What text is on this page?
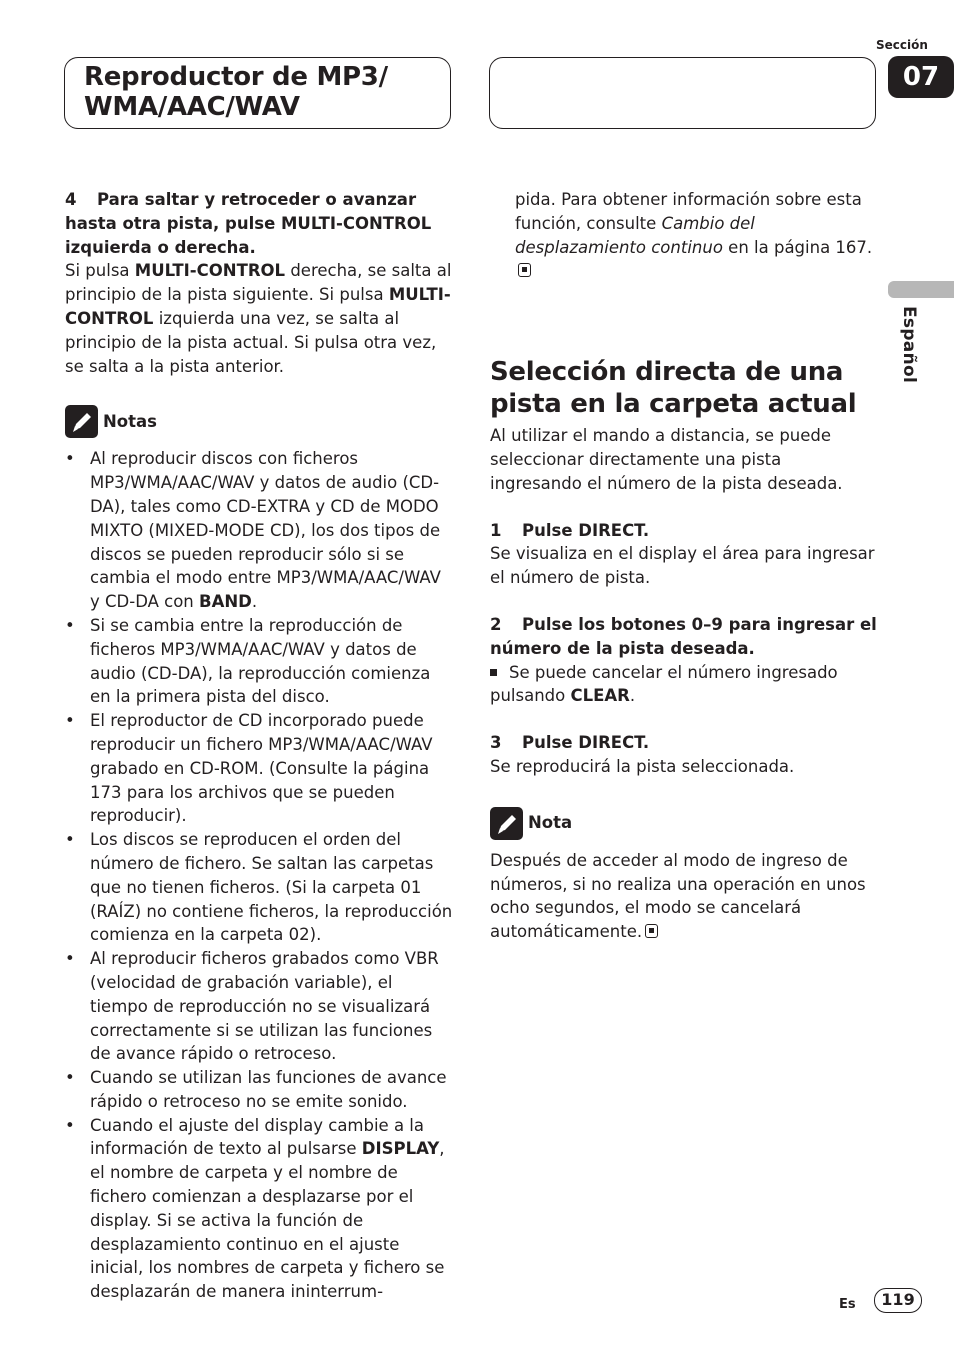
Reproductor de MP3/
WMA/AAC/WAV
Sección
07
Español

4 Para saltar y retroceder o avanzar hasta otra pista, pulse MULTI-CONTROL izquierda o derecha.

Si pulsa MULTI-CONTROL derecha, se salta al principio de la pista siguiente. Si pulsa MULTI-CONTROL izquierda una vez, se salta al principio de la pista actual. Si pulsa otra vez, se salta a la pista anterior.

Notas
• Al reproducir discos con ficheros MP3/WMA/AAC/WAV y datos de audio (CD-DA), tales como CD-EXTRA y CD de MODO MIXTO (MIXED-MODE CD), los dos tipos de discos se pueden reproducir sólo si se cambia el modo entre MP3/WMA/AAC/WAV y CD-DA con BAND.
• Si se cambia entre la reproducción de ficheros MP3/WMA/AAC/WAV y datos de audio (CD-DA), la reproducción comienza en la primera pista del disco.
• El reproductor de CD incorporado puede reproducir un fichero MP3/WMA/AAC/WAV grabado en CD-ROM. (Consulte la página 173 para los archivos que se pueden reproducir).
• Los discos se reproducen el orden del número de fichero. Se saltan las carpetas que no tienen ficheros. (Si la carpeta 01 (RAÍZ) no contiene ficheros, la reproducción comienza en la carpeta 02).
• Al reproducir ficheros grabados como VBR (velocidad de grabación variable), el tiempo de reproducción no se visualizará correctamente si se utilizan las funciones de avance rápido o retroceso.
• Cuando se utilizan las funciones de avance rápido o retroceso no se emite sonido.
• Cuando el ajuste del display cambie a la información de texto al pulsarse DISPLAY, el nombre de carpeta y el nombre de fichero comienzan a desplazarse por el display. Si se activa la función de desplazamiento continuo en el ajuste inicial, los nombres de carpeta y fichero se desplazarán de manera ininterrum-

pida. Para obtener información sobre esta función, consulte Cambio del desplazamiento continuo en la página 167.

Selección directa de una pista en la carpeta actual

Al utilizar el mando a distancia, se puede seleccionar directamente una pista ingresando el número de la pista deseada.

1 Pulse DIRECT.

Se visualiza en el display el área para ingresar el número de pista.

2 Pulse los botones 0–9 para ingresar el número de la pista deseada.

Se puede cancelar el número ingresado pulsando CLEAR.

3 Pulse DIRECT.

Se reproducirá la pista seleccionada.

Nota

Después de acceder al modo de ingreso de números, si no realiza una operación en unos ocho segundos, el modo se cancelará automáticamente.

Es	119
